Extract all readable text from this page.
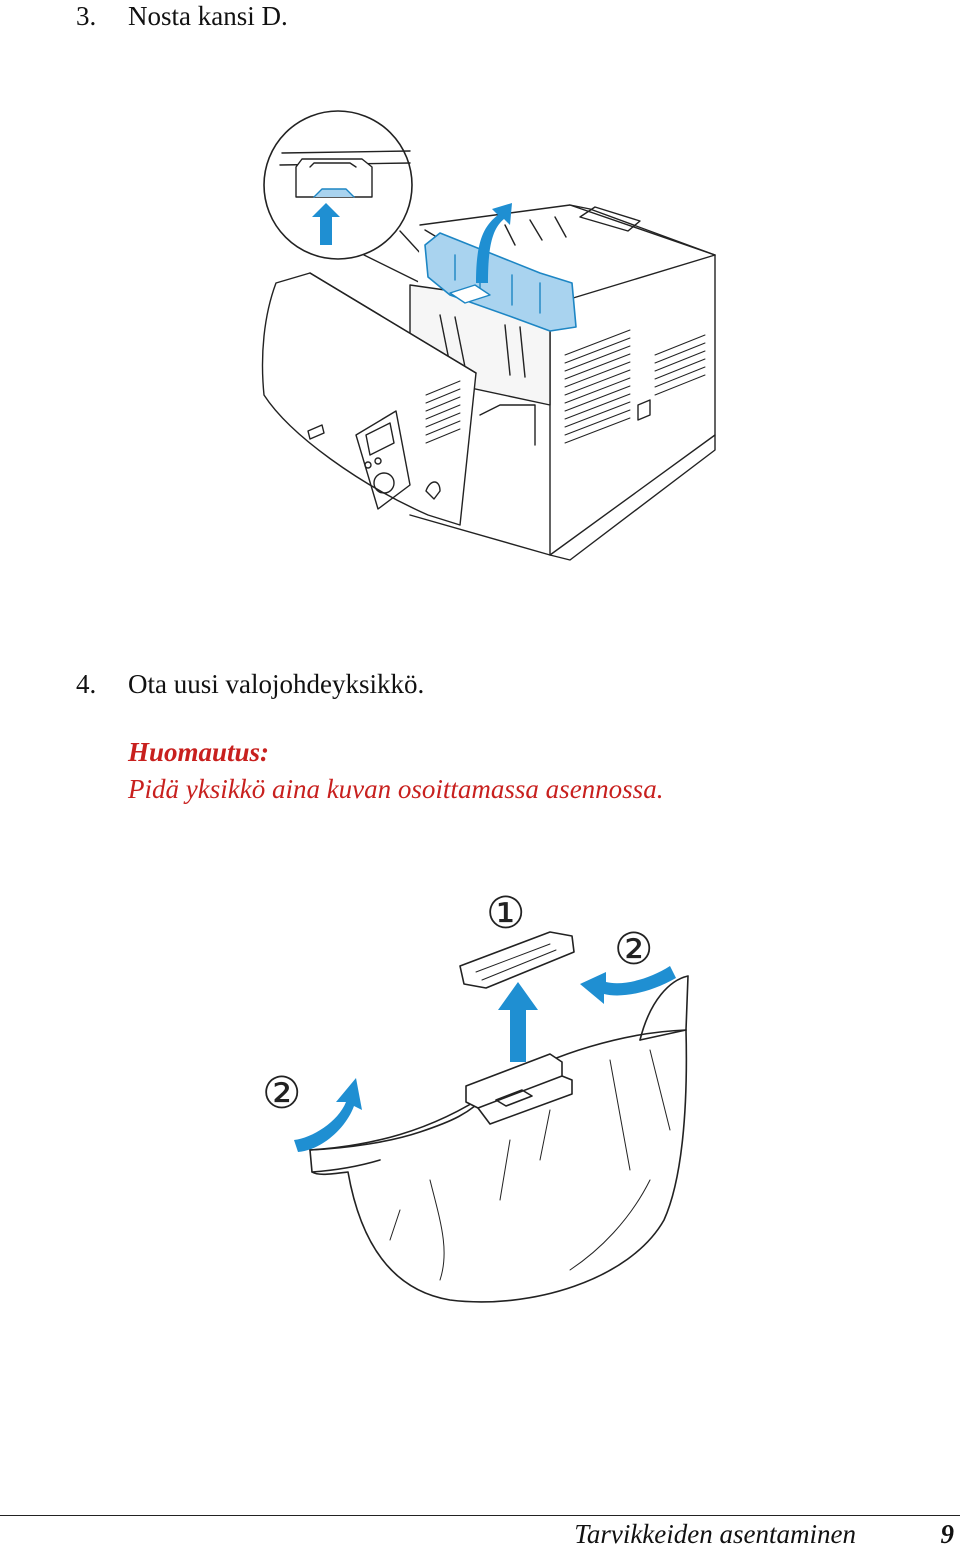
3. Nosta kansi D.
4. Ota uusi valojohdeyksikkö.
Huomautus:
Pidä yksikkö aina kuvan osoittamassa asennossa.
①
②
②
Tarvikkeiden asentaminen	9
